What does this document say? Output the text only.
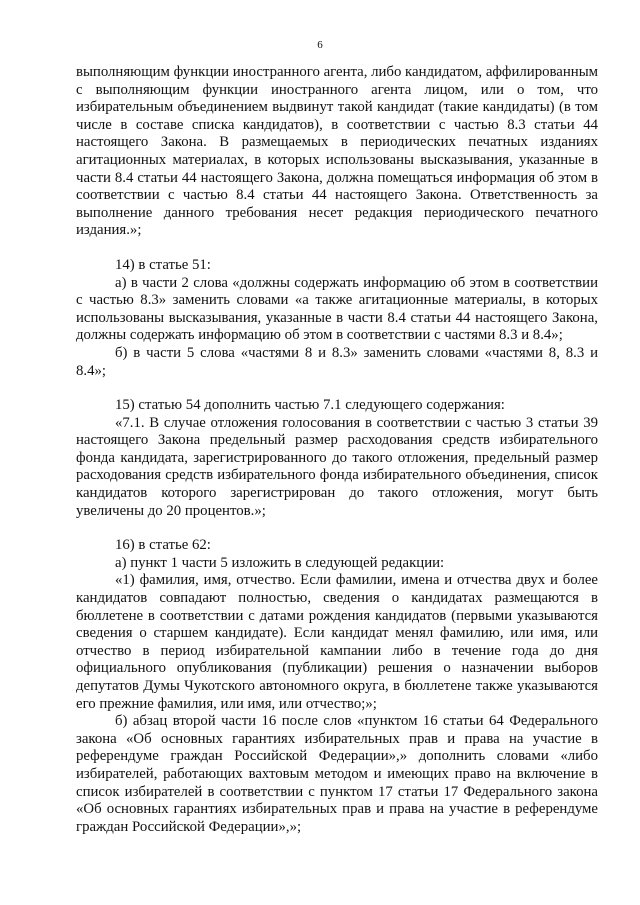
6

выполняющим функции иностранного агента, либо кандидатом, аффилированным с выполняющим функции иностранного агента лицом, или о том, что избирательным объединением выдвинут такой кандидат (такие кандидаты) (в том числе в составе списка кандидатов), в соответствии с частью 8.3 статьи 44 настоящего Закона. В размещаемых в периодических печатных изданиях агитационных материалах, в которых использованы высказывания, указанные в части 8.4 статьи 44 настоящего Закона, должна помещаться информация об этом в соответствии с частью 8.4 статьи 44 настоящего Закона. Ответственность за выполнение данного требования несет редакция периодического печатного издания.»;

14) в статье 51:

а) в части 2 слова «должны содержать информацию об этом в соответствии с частью 8.3» заменить словами «а также агитационные материалы, в которых использованы высказывания, указанные в части 8.4 статьи 44 настоящего Закона, должны содержать информацию об этом в соответствии с частями 8.3 и 8.4»;

б) в части 5 слова «частями 8 и 8.3» заменить словами «частями 8, 8.3 и 8.4»;

15) статью 54 дополнить частью 7.1 следующего содержания:

«7.1. В случае отложения голосования в соответствии с частью 3 статьи 39 настоящего Закона предельный размер расходования средств избирательного фонда кандидата, зарегистрированного до такого отложения, предельный размер расходования средств избирательного фонда избирательного объединения, список кандидатов которого зарегистрирован до такого отложения, могут быть увеличены до 20 процентов.»;

16) в статье 62:

а) пункт 1 части 5 изложить в следующей редакции:

«1) фамилия, имя, отчество. Если фамилии, имена и отчества двух и более кандидатов совпадают полностью, сведения о кандидатах размещаются в бюллетене в соответствии с датами рождения кандидатов (первыми указываются сведения о старшем кандидате). Если кандидат менял фамилию, или имя, или отчество в период избирательной кампании либо в течение года до дня официального опубликования (публикации) решения о назначении выборов депутатов Думы Чукотского автономного округа, в бюллетене также указываются его прежние фамилия, или имя, или отчество;»;

б) абзац второй части 16 после слов «пунктом 16 статьи 64 Федерального закона «Об основных гарантиях избирательных прав и права на участие в референдуме граждан Российской Федерации»,» дополнить словами «либо избирателей, работающих вахтовым методом и имеющих право на включение в список избирателей в соответствии с пунктом 17 статьи 17 Федерального закона «Об основных гарантиях избирательных прав и права на участие в референдуме граждан Российской Федерации»,»;
